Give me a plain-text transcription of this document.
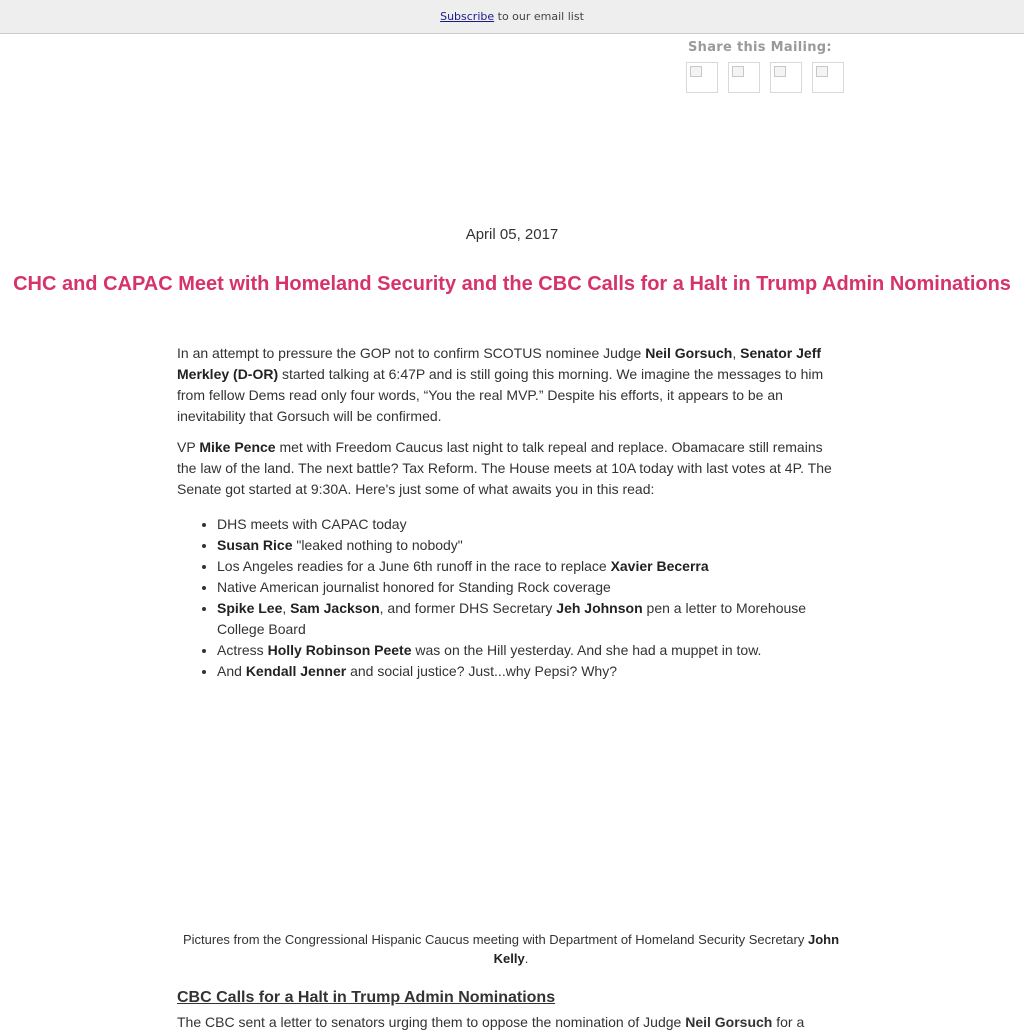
Subscribe to our email list
Share this Mailing:
April 05, 2017
CHC and CAPAC Meet with Homeland Security and the CBC Calls for a Halt in Trump Admin Nominations

In an attempt to pressure the GOP not to confirm SCOTUS nominee Judge Neil Gorsuch, Senator Jeff Merkley (D-OR) started talking at 6:47P and is still going this morning. We imagine the messages to him from fellow Dems read only four words, “You the real MVP.” Despite his efforts, it appears to be an inevitability that Gorsuch will be confirmed.

VP Mike Pence met with Freedom Caucus last night to talk repeal and replace. Obamacare still remains the law of the land. The next battle? Tax Reform. The House meets at 10A today with last votes at 4P. The Senate got started at 9:30A. Here's just some of what awaits you in this read:

• DHS meets with CAPAC today
• Susan Rice "leaked nothing to nobody"
• Los Angeles readies for a June 6th runoff in the race to replace Xavier Becerra
• Native American journalist honored for Standing Rock coverage
• Spike Lee, Sam Jackson, and former DHS Secretary Jeh Johnson pen a letter to Morehouse College Board
• Actress Holly Robinson Peete was on the Hill yesterday. And she had a muppet in tow.
• And Kendall Jenner and social justice? Just...why Pepsi? Why?
Pictures from the Congressional Hispanic Caucus meeting with Department of Homeland Security Secretary John Kelly.
CBC Calls for a Halt in Trump Admin Nominations

The CBC sent a letter to senators urging them to oppose the nomination of Judge Neil Gorsuch for a
